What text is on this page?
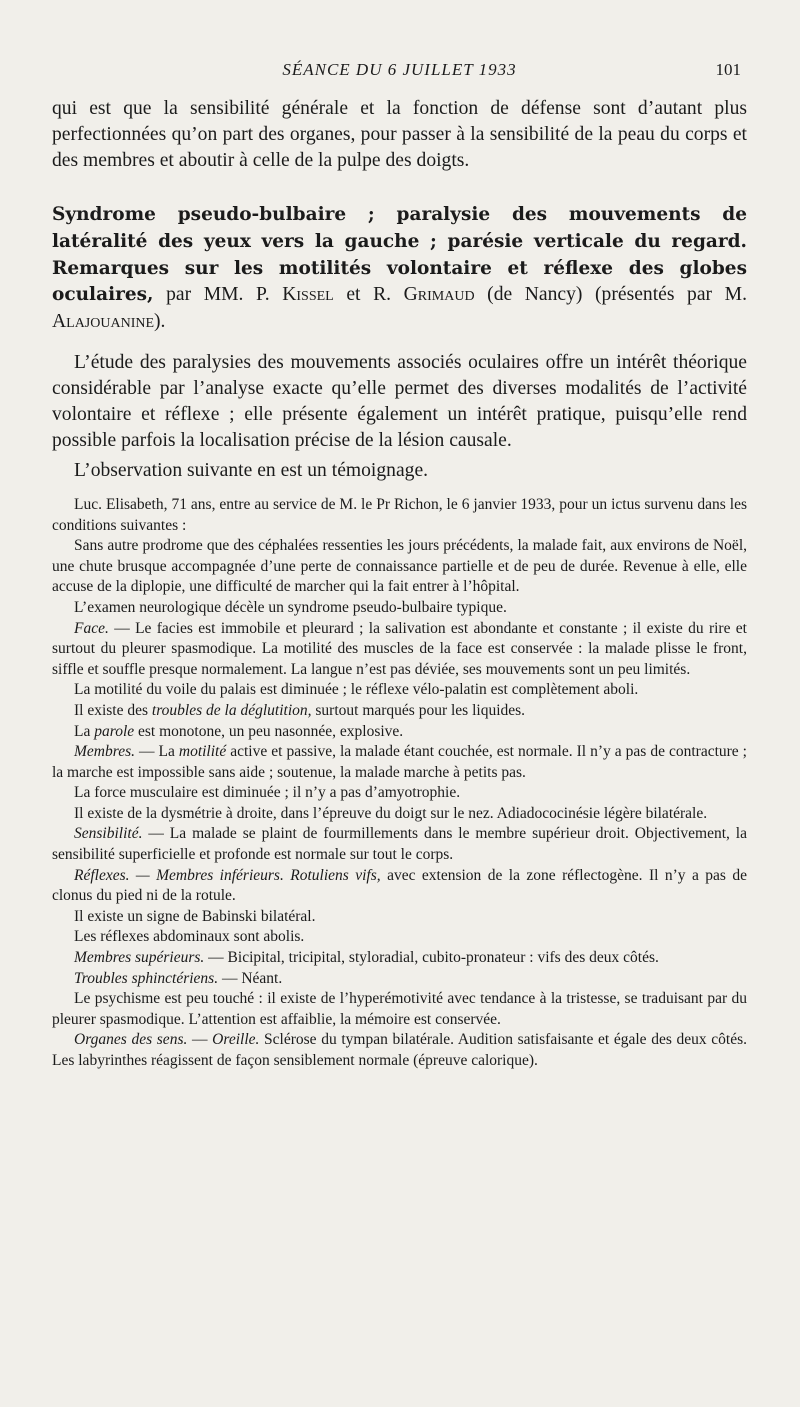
SÉANCE DU 6 JUILLET 1933	101

qui est que la sensibilité générale et la fonction de défense sont d’autant plus perfectionnées qu’on part des organes, pour passer à la sensibilité de la peau du corps et des membres et aboutir à celle de la pulpe des doigts.

Syndrome pseudo-bulbaire ; paralysie des mouvements de latéralité des yeux vers la gauche ; parésie verticale du regard. Remarques sur les motilités volontaire et réflexe des globes oculaires, par MM. P. Kissel et R. Grimaud (de Nancy) (présentés par M. Alajouanine).

L’étude des paralysies des mouvements associés oculaires offre un intérêt théorique considérable par l’analyse exacte qu’elle permet des diverses modalités de l’activité volontaire et réflexe ; elle présente également un intérêt pratique, puisqu’elle rend possible parfois la localisation précise de la lésion causale.

L’observation suivante en est un témoignage.

Luc. Elisabeth, 71 ans, entre au service de M. le Pr Richon, le 6 janvier 1933, pour un ictus survenu dans les conditions suivantes :

Sans autre prodrome que des céphalées ressenties les jours précédents, la malade fait, aux environs de Noël, une chute brusque accompagnée d’une perte de connaissance partielle et de peu de durée. Revenue à elle, elle accuse de la diplopie, une difficulté de marcher qui la fait entrer à l’hôpital.

L’examen neurologique décèle un syndrome pseudo-bulbaire typique.

Face. — Le facies est immobile et pleurard ; la salivation est abondante et constante ; il existe du rire et surtout du pleurer spasmodique. La motilité des muscles de la face est conservée : la malade plisse le front, siffle et souffle presque normalement. La langue n’est pas déviée, ses mouvements sont un peu limités.

La motilité du voile du palais est diminuée ; le réflexe vélo-palatin est complètement aboli.

Il existe des troubles de la déglutition, surtout marqués pour les liquides.

La parole est monotone, un peu nasonnée, explosive.

Membres. — La motilité active et passive, la malade étant couchée, est normale. Il n’y a pas de contracture ; la marche est impossible sans aide ; soutenue, la malade marche à petits pas.

La force musculaire est diminuée ; il n’y a pas d’amyotrophie.

Il existe de la dysmétrie à droite, dans l’épreuve du doigt sur le nez. Adiadococinésie légère bilatérale.

Sensibilité. — La malade se plaint de fourmillements dans le membre supérieur droit. Objectivement, la sensibilité superficielle et profonde est normale sur tout le corps.

Réflexes. — Membres inférieurs. Rotuliens vifs, avec extension de la zone réflectogène. Il n’y a pas de clonus du pied ni de la rotule.

Il existe un signe de Babinski bilatéral.

Les réflexes abdominaux sont abolis.

Membres supérieurs. — Bicipital, tricipital, styloradial, cubito-pronateur : vifs des deux côtés.

Troubles sphinctériens. — Néant.

Le psychisme est peu touché : il existe de l’hyperémotivité avec tendance à la tristesse, se traduisant par du pleurer spasmodique. L’attention est affaiblie, la mémoire est conservée.

Organes des sens. — Oreille. Sclérose du tympan bilatérale. Audition satisfaisante et égale des deux côtés. Les labyrinthes réagissent de façon sensiblement normale (épreuve calorique).
